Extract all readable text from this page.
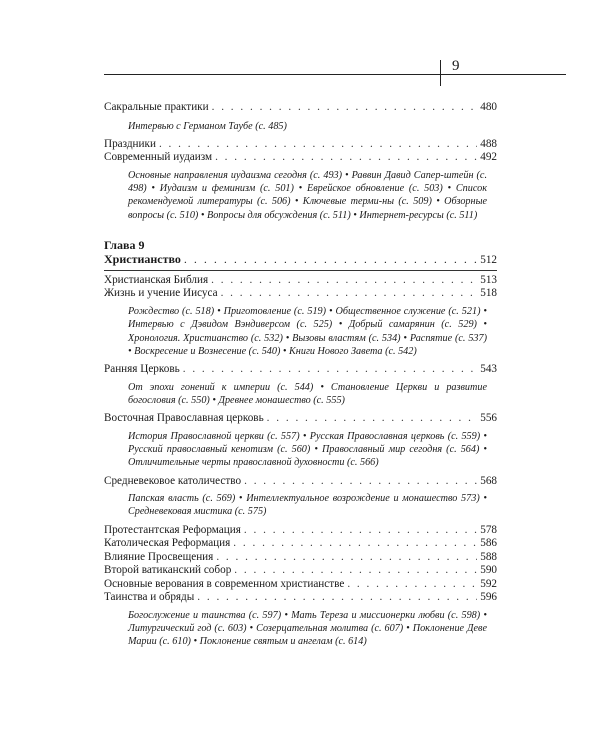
9
Сакральные практики . . .	480
Интервью с Германом Таубе (с. 485)
Праздники . . .	488
Современный иудаизм . . .	492
Основные направления иудаизма сегодня (с. 493) • Раввин Давид Сапер-штейн (с. 498) • Иудаизм и феминизм (с. 501) • Еврейское обновление (с. 503) • Список рекомендуемой литературы (с. 506) • Ключевые терми-ны (с. 509) • Обзорные вопросы (с. 510) • Вопросы для обсуждения (с. 511) • Интернет-ресурсы (с. 511)
Глава 9
Христианство . . .	512
Христианская Библия . . .	513
Жизнь и учение Иисуса . . .	518
Рождество (с. 518) • Приготовление (с. 519) • Общественное служение (с. 521) • Интервью с Дэвидом Вэндиверсом (с. 525) • Добрый самарянин (с. 529) • Хронология. Христианство (с. 532) • Вызовы властям (с. 534) • Распятие (с. 537) • Воскресение и Вознесение (с. 540) • Книги Нового Завета (с. 542)
Ранняя Церковь . . .	543
От эпохи гонений к империи (с. 544) • Становление Церкви и развитие богословия (с. 550) • Древнее монашество (с. 555)
Восточная Православная церковь . . .	556
История Православной церкви (с. 557) • Русская Православная церковь (с. 559) • Русский православный кенотизм (с. 560) • Православный мир сегодня (с. 564) • Отличительные черты православной духовности (с. 566)
Средневековое католичество . . .	568
Папская власть (с. 569) • Интеллектуальное возрождение и монашество 573) • Средневековая мистика (с. 575)
Протестантская Реформация . . .	578
Католическая Реформация . . .	586
Влияние Просвещения . . .	588
Второй ватиканский собор . . .	590
Основные верования в современном христианстве . . .	592
Таинства и обряды . . .	596
Богослужение и таинства (с. 597) • Мать Тереза и миссионерки любви (с. 598) • Литургический год (с. 603) • Созерцательная молитва (с. 607) • Поклонение Деве Марии (с. 610) • Поклонение святым и ангелам (с. 614)
